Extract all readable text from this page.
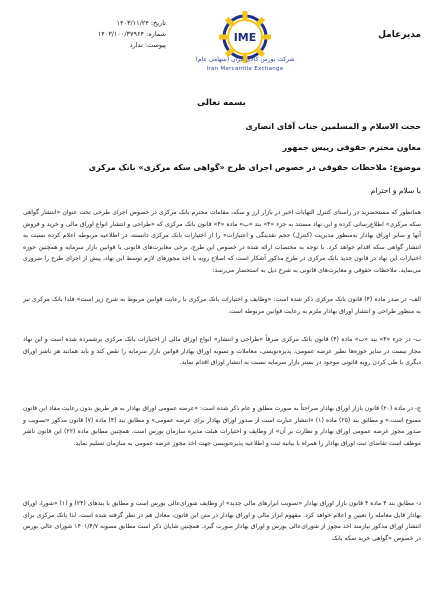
مدیرعامل
تاریخ: ۱۴۰۳/۱۱/۲۴
شماره: ۱۴۰۳/۱۰۰/۳۷۹۶۴
پیوست: ندارد
IME
شرکت بورس کالای ایران (سهامی عام)
Iran Mercantile Exchange
بسمه تعالی
حجت الاسلام و المسلمین جناب آقای انصاری
معاون محترم حقوقی رییس جمهور
موضوع: ملاحظات حقوقی در خصوص اجرای طرح «گواهی سکه مرکزی» بانک مرکزی
با سلام و احترام
همانطور که مستحضرید در راستای کنترل التهابات اخیر در بازار ارز و سکه، مقامات محترم بانک مرکزی در خصوص اجرای طرحی تحت عنوان «انتشار گواهی سکه مرکزی» اطلاع‌رسانی کرده و این نهاد مستند به جزء «۴» بند «ب» ماده «۴» قانون بانک مرکزی که «طراحی و انتشار انواع اوراق مالی و خرید و فروش آنها و سایر اوراق بهادار به‌منظور مدیریت (کنترل) حجم نقدینگی و اعتبارات» را از اختیارات بانک مرکزی دانسته، در اطلاعیه مربوطه اعلام کرده نسبت به انتشار گواهی سکه اقدام خواهد کرد. با توجه به مختصات ارائه شده در خصوص این طرح، برخی مغایرت‌های قانونی با قوانین بازار سرمایه و همچنین حوزه اختیارات این نهاد در قانون جدید بانک مرکزی در طرح مذکور آشکار است که اصلاح رویه یا اخذ مجوزهای لازم توسط این نهاد، پیش از اجرای طرح را ضروری می‌نماید. ملاحظات حقوقی و مغایرت‌های قانونی به شرح ذیل به استحضار می‌رسد:
الف- در صدر ماده (۴) قانون بانک مرکزی ذکر شده است: «وظایف و اختیارات بانک مرکزی با رعایت قوانین مربوط به شرح زیر است» فلذا بانک مرکزی نیز به منظور طراحی و انتشار اوراق بهادار ملزم به رعایت قوانین مربوطه است.
ب- در جزء «۴» بند «ب» ماده (۴) قانون بانک مرکزی صرفاً «طراحی و انتشار» انواع اوراق مالی از اختیارات بانک مرکزی برشمرده شده است و این نهاد مجاز نیست در سایر حوزه‌ها نظیر عرضه عمومی، پذیره‌نویسی، معاملات و تسویه اوراق بهادار قوانین بازار سرمایه را نقض کند و باید همانند هر ناشر اوراق دیگری با طی کردن رویه قانونی موجود در بستر بازار سرمایه نسبت به انتشار اوراق اقدام نماید.
ج- در ماده (۲۰) قانون بازار اوراق بهادار صراحتاً به صورت مطلق و عام ذکر شده است: «عرضه عمومی اوراق بهادار به هر طریق بدون رعایت مفاد این قانون ممنوع است.» و مطابق بند (۲۵) ماده (۱) «انتشار عبارت است از صدور اوراق بهادار برای عرضه عمومی» و مطابق بند (۴) ماده (۷) قانون مذکور «تصویب و صدور مجوز عرضه عمومی اوراق بهادار و نظارت بر آن» از وظایف و اختیارات هیئت مدیره سازمان بورس است. همچنین مطابق ماده (۲۲) این قانون ناشر موظف است تقاضای ثبت اوراق بهادار را همراه با بیانیه ثبت و اطلاعیه پذیره‌نویسی جهت اخذ مجوز عرضه عمومی به سازمان تسلیم نماید.
د- مطابق بند ۴ ماده ۴ قانون بازار اوراق بهادار «تصویب ابزارهای مالی جدید» از وظایف شورای‌عالی بورس است و مطابق با بندهای (۲۴) و (۱) «شورا، اوراق بهادار قابل معامله را تعیین و اعلام خواهد کرد. مفهوم ابزار مالی و اوراق بهادار در متن این قانون، معادل هم در نظر گرفته شده است. لذا بانک مرکزی برای انتشار اوراق مذکور نیازمند اخذ مجوز از شورای‌عالی بورس و اوراق بهادار صورت گیرد. همچنین شایان ذکر است مطابق مصوبه ۱۴۰۱/۴/۷ شورای عالی بورس در خصوص «گواهی خرید سکه بانک
